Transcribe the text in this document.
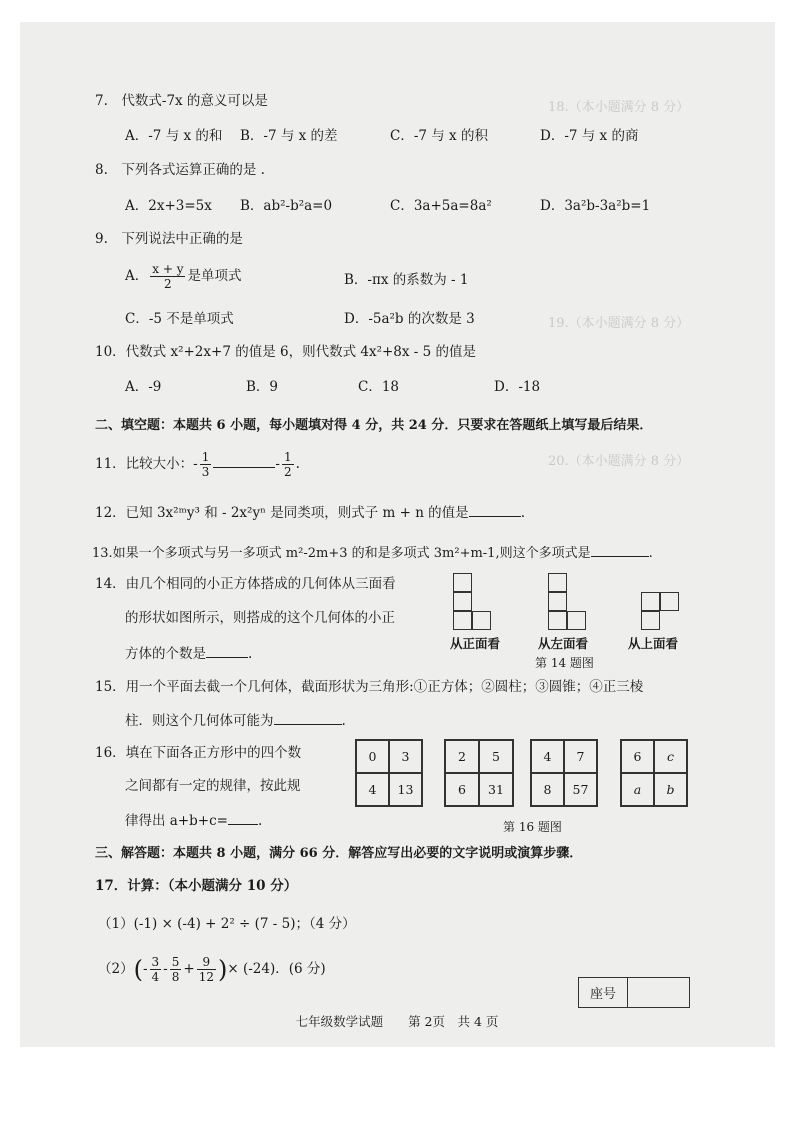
18.（本小题满分 8 分）
19.（本小题满分 8 分）
20.（本小题满分 8 分）
7.　代数式-7x 的意义可以是
A．-7 与 x 的和 B．-7 与 x 的差	C．-7 与 x 的积	D．-7 与 x 的商
8.　下列各式运算正确的是 .
A．2x+3=5x B．ab²-b²a=0	C．3a+5a=8a²	D．3a²b-3a²b=1
9.　下列说法中正确的是
A． $\frac{x + y}{2}$ 是单项式	B．-πx 的系数为 - 1
C．-5 不是单项式	D．-5a²b 的次数是 3
10．代数式 x²+2x+7 的值是 6，则代数式 4x²+8x - 5 的值是
A．-9	B．9	C．18	D．-18
二、填空题：本题共 6 小题，每小题填对得 4 分，共 24 分．只要求在答题纸上填写最后结果．
11．比较大小：- $\frac{1}{3}$	- $\frac{1}{2}$ .
12．已知 3x²ᵐy³ 和 - 2x²yⁿ 是同类项，则式子 m + n 的值是	.
13.如果一个多项式与另一多项式 m²-2m+3 的和是多项式 3m²+m-1,则这个多项式是	.
14．由几个相同的小正方体搭成的几何体从三面看
的形状如图所示，则搭成的这个几何体的小正
方体的个数是	.
从正面看	从左面看	从上面看
第 14 题图
15．用一个平面去截一个几何体，截面形状为三角形:①正方体；②圆柱；③圆锥；④正三棱
柱．则这个几何体可能为	.
16．填在下面各正方形中的四个数
之间都有一定的规律，按此规
律得出 a+b+c= .
0	3
4	13
2	5
6	31
4	7
8	57
6	c
a	b
第 16 题图
三、解答题：本题共 8 小题，满分 66 分．解答应写出必要的文字说明或演算步骤．
17．计算：（本小题满分 10 分）
（1）(-1) × (-4) + 2² ÷ (7 - 5)；（4 分）
$(2)(- \frac{3}{4} - \frac{5}{8} + \frac{9}{12}$ )× (-24)．(6 分)
座号
七年级数学试题　　第 2页　共 4 页
